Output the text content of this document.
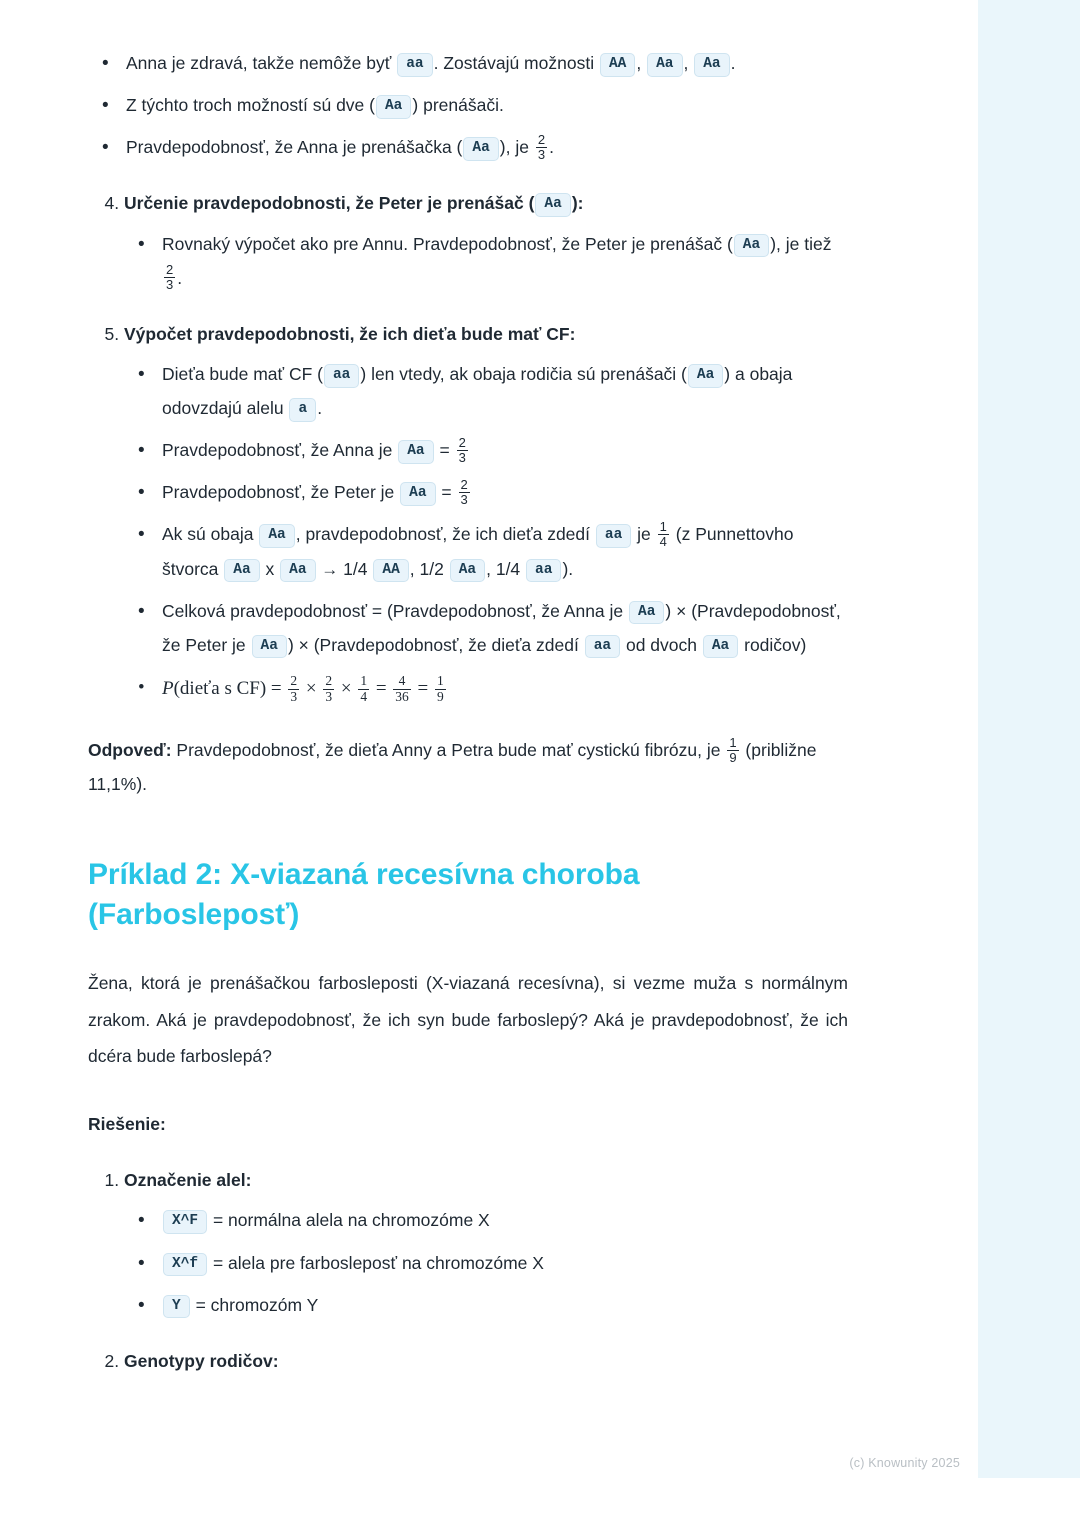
• Anna je zdravá, takže nemôže byť aa . Zostávajú možnosti AA , Aa , Aa .
• Z týchto troch možností sú dve ( Aa ) prenášači.
• Pravdepodobnosť, že Anna je prenášačka ( Aa ), je $\frac{2}{3}$ .
4. Určenie pravdepodobnosti, že Peter je prenášač ( Aa ):
• Rovnaký výpočet ako pre Annu. Pravdepodobnosť, že Peter je prenášač ( Aa ), je tiež
$\frac{2}{3}$ .
5. Výpočet pravdepodobnosti, že ich dieťa bude mať CF:
• Dieťa bude mať CF ( aa ) len vtedy, ak obaja rodičia sú prenášači ( Aa ) a obaja odovzdajú alelu a .
• Pravdepodobnosť, že Anna je $Aa = \frac{2}{3}$
• Pravdepodobnosť, že Peter je $Aa = \frac{2}{3}$
• Ak sú obaja Aa , pravdepodobnosť, že ich dieťa zdedí aa je $\frac{1}{4} (z$ Punnettovho štvorca Aa x Aa → 1/4 AA , 1/2 Aa , 1/4 aa ).
• Celková pravdepodobnosť = (Pravdepodobnosť, že Anna je Aa ) × (Pravdepodobnosť, že Peter je Aa ) × (Pravdepodobnosť, že dieťa zdedí aa od dvoch Aa rodičov)
• P(dieťa s $CF) = \frac{2}{3} \times \frac{2}{3} \times \frac{1}{4} = \frac{4}{36} = \frac{1}{9}$
Odpoveď: Pravdepodobnosť, že dieťa Anny a Petra bude mať cystickú fibrózu, je $\frac{1}{9}$ (približne 11,1%).
Príklad 2: X-viazaná recesívna choroba (Farbosleposť)

Žena, ktorá je prenášačkou farbosleposti (X-viazaná recesívna), si vezme muža s normálnym zrakom. Aká je pravdepodobnosť, že ich syn bude farboslepý? Aká je pravdepodobnosť, že ich dcéra bude farboslepá?

Riešenie:

1. Označenie alel:
• X^F = normálna alela na chromozóme X
• X^f = alela pre farbosleposť na chromozóme X
• Y = chromozóm Y
2. Genotypy rodičov:
(c) Knowunity 2025
